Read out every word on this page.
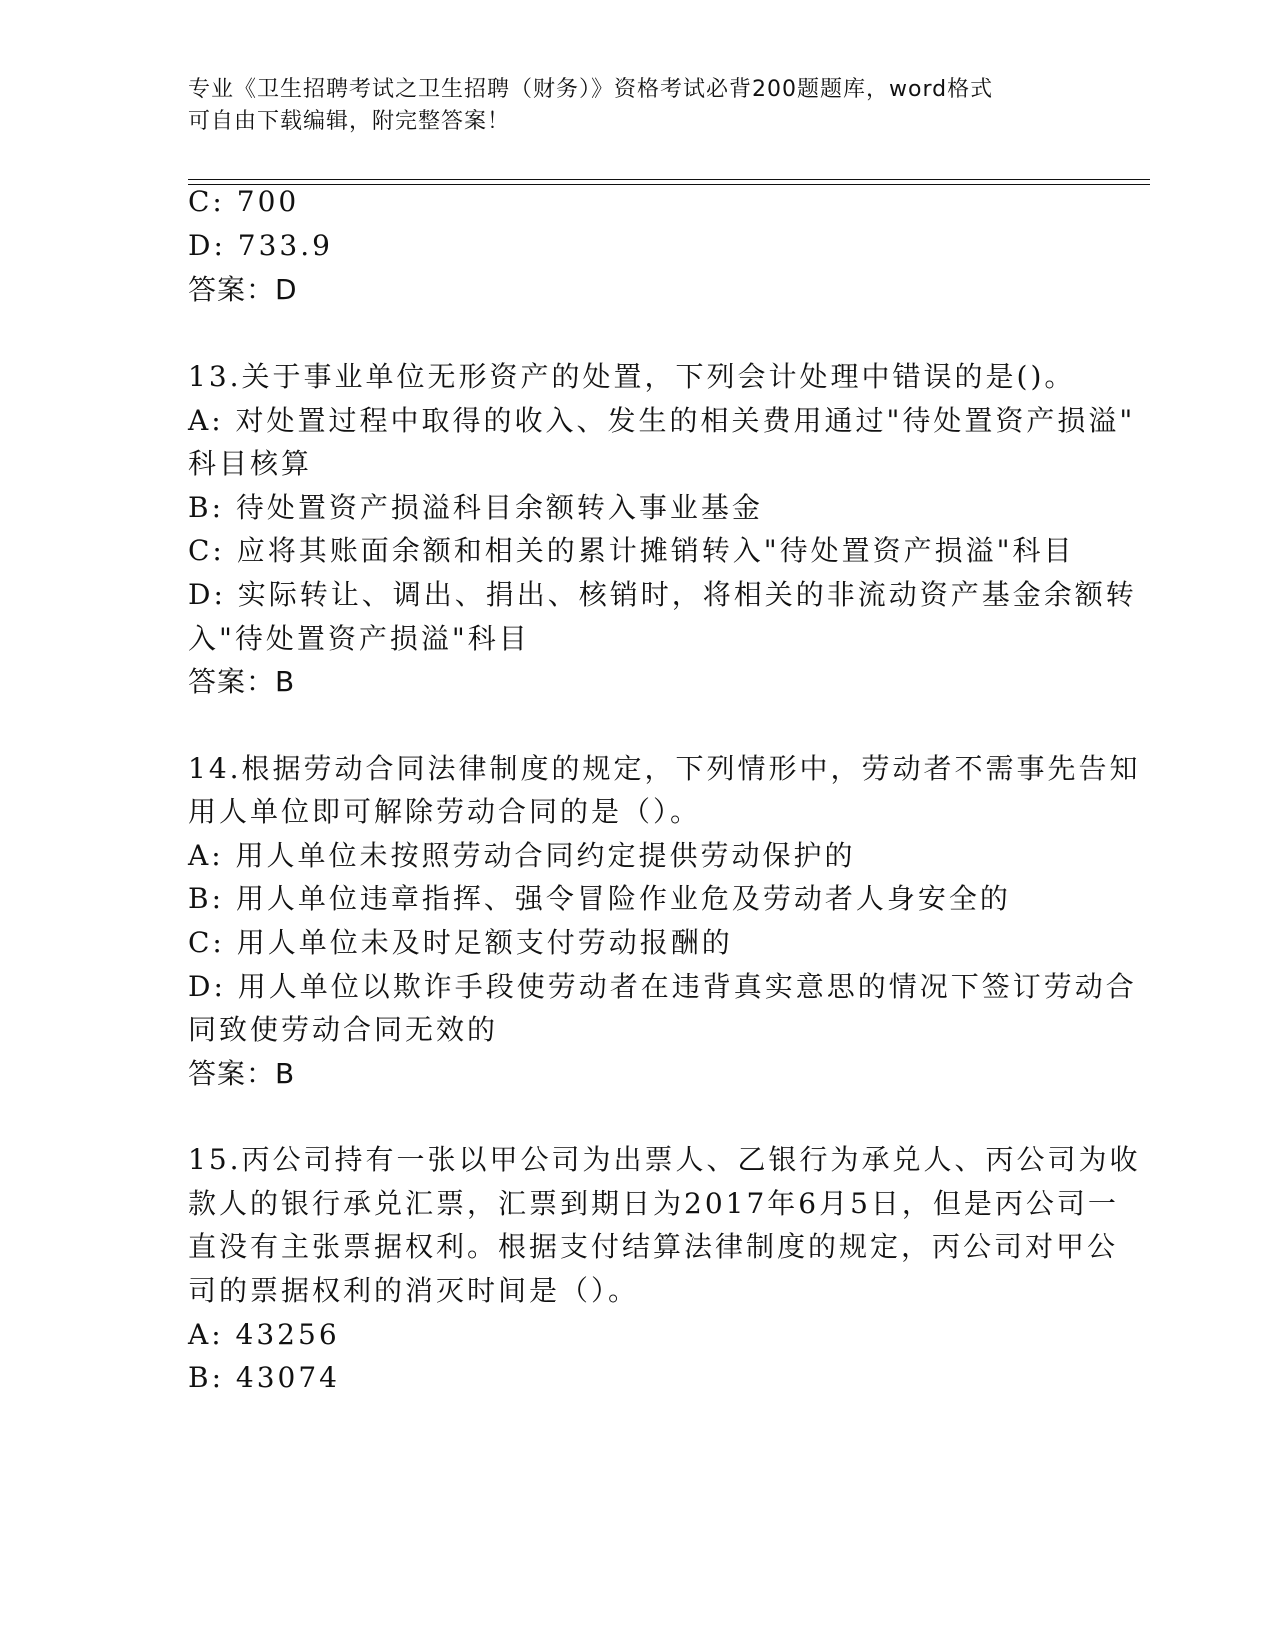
专业《卫生招聘考试之卫生招聘（财务）》资格考试必背200题题库，word格式
可自由下载编辑，附完整答案！
C: 700
D: 733.9
答案：D
13.关于事业单位无形资产的处置，下列会计处理中错误的是()。
A: 对处置过程中取得的收入、发生的相关费用通过"待处置资产损溢"
科目核算
B: 待处置资产损溢科目余额转入事业基金
C: 应将其账面余额和相关的累计摊销转入"待处置资产损溢"科目
D: 实际转让、调出、捐出、核销时，将相关的非流动资产基金余额转
入"待处置资产损溢"科目
答案：B
14.根据劳动合同法律制度的规定，下列情形中，劳动者不需事先告知
用人单位即可解除劳动合同的是（）。
A: 用人单位未按照劳动合同约定提供劳动保护的
B: 用人单位违章指挥、强令冒险作业危及劳动者人身安全的
C: 用人单位未及时足额支付劳动报酬的
D: 用人单位以欺诈手段使劳动者在违背真实意思的情况下签订劳动合
同致使劳动合同无效的
答案：B
15.丙公司持有一张以甲公司为出票人、乙银行为承兑人、丙公司为收
款人的银行承兑汇票，汇票到期日为2017年6月5日，但是丙公司一
直没有主张票据权利。根据支付结算法律制度的规定，丙公司对甲公
司的票据权利的消灭时间是（）。
A: 43256
B: 43074
